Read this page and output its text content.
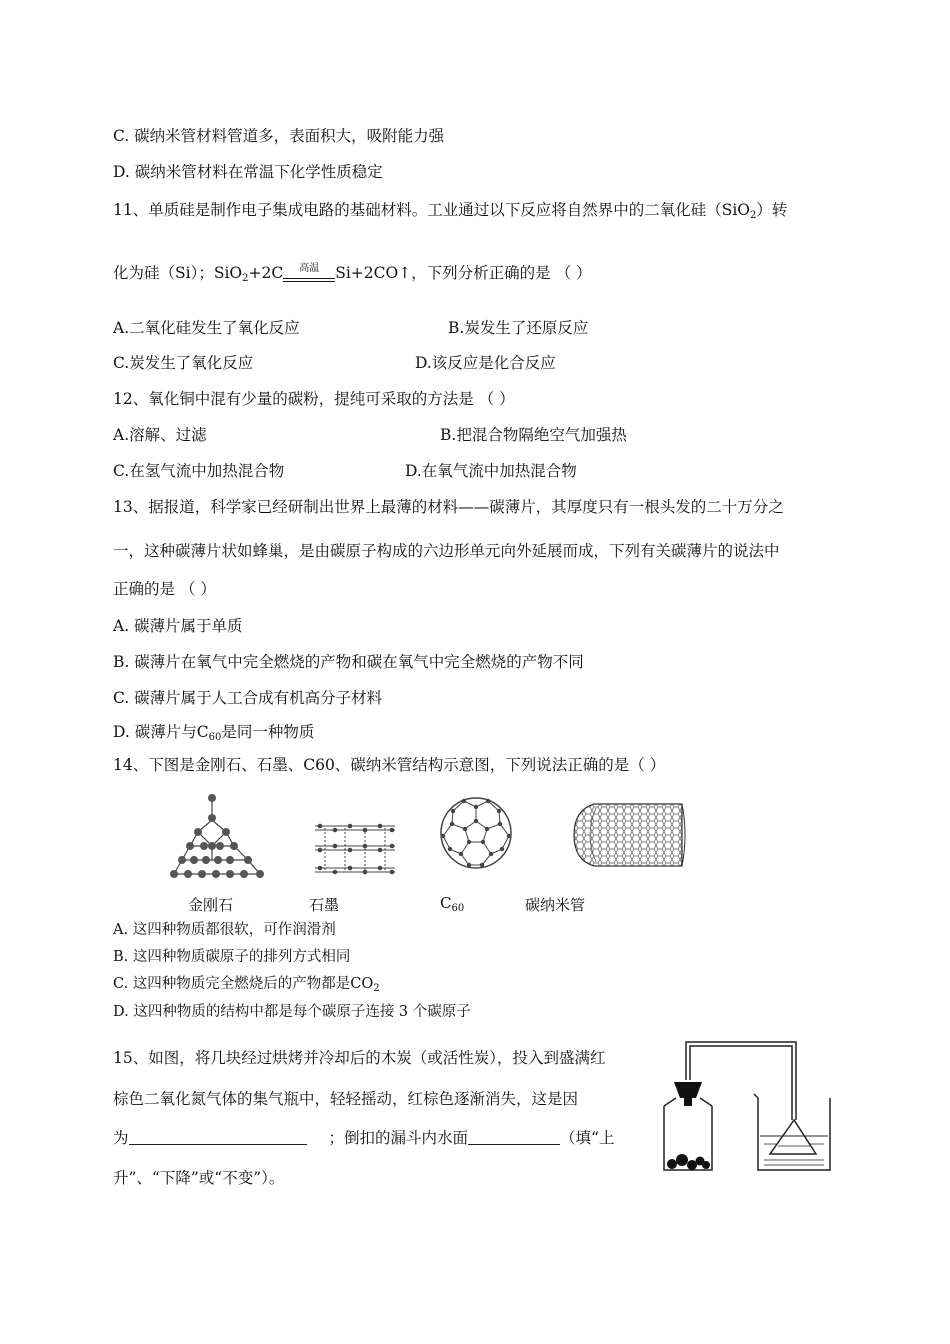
C. 碳纳米管材料管道多，表面积大，吸附能力强
D. 碳纳米管材料在常温下化学性质稳定
11、单质硅是制作电子集成电路的基础材料。工业通过以下反应将自然界中的二氧化硅（SiO$_2$）转
化为硅（Si）；SiO$_2$+2C $^{高温}$ Si+2CO↑，下列分析正确的是 （ ）
A.二氧化硅发生了氧化反应	B.炭发生了还原反应
C.炭发生了氧化反应	D.该反应是化合反应
12、氧化铜中混有少量的碳粉，提纯可采取的方法是 （ ）
A.溶解、过滤	B.把混合物隔绝空气加强热
C.在氢气流中加热混合物	D.在氧气流中加热混合物
13、据报道，科学家已经研制出世界上最薄的材料——碳薄片，其厚度只有一根头发的二十万分之
一，这种碳薄片状如蜂巢，是由碳原子构成的六边形单元向外延展而成，下列有关碳薄片的说法中
正确的是 （ ）
A. 碳薄片属于单质
B. 碳薄片在氧气中完全燃烧的产物和碳在氧气中完全燃烧的产物不同
C. 碳薄片属于人工合成有机高分子材料
D. 碳薄片与$C_{60}$是同一种物质
14、下图是金刚石、石墨、C60、碳纳米管结构示意图，下列说法正确的是（ ）
金刚石	石墨	$C_{60}$	碳纳米管
A. 这四种物质都很软，可作润滑剂
B. 这四种物质碳原子的排列方式相同
C. 这四种物质完全燃烧后的产物都是$CO_2$
D. 这四种物质的结构中都是每个碳原子连接 3 个碳原子
15、如图，将几块经过烘烤并冷却后的木炭（或活性炭），投入到盛满红
棕色二氧化氮气体的集气瓶中，轻轻摇动，红棕色逐渐消失，这是因
为	；倒扣的漏斗内水面	（填“上
升”、“下降”或“不变”）。
